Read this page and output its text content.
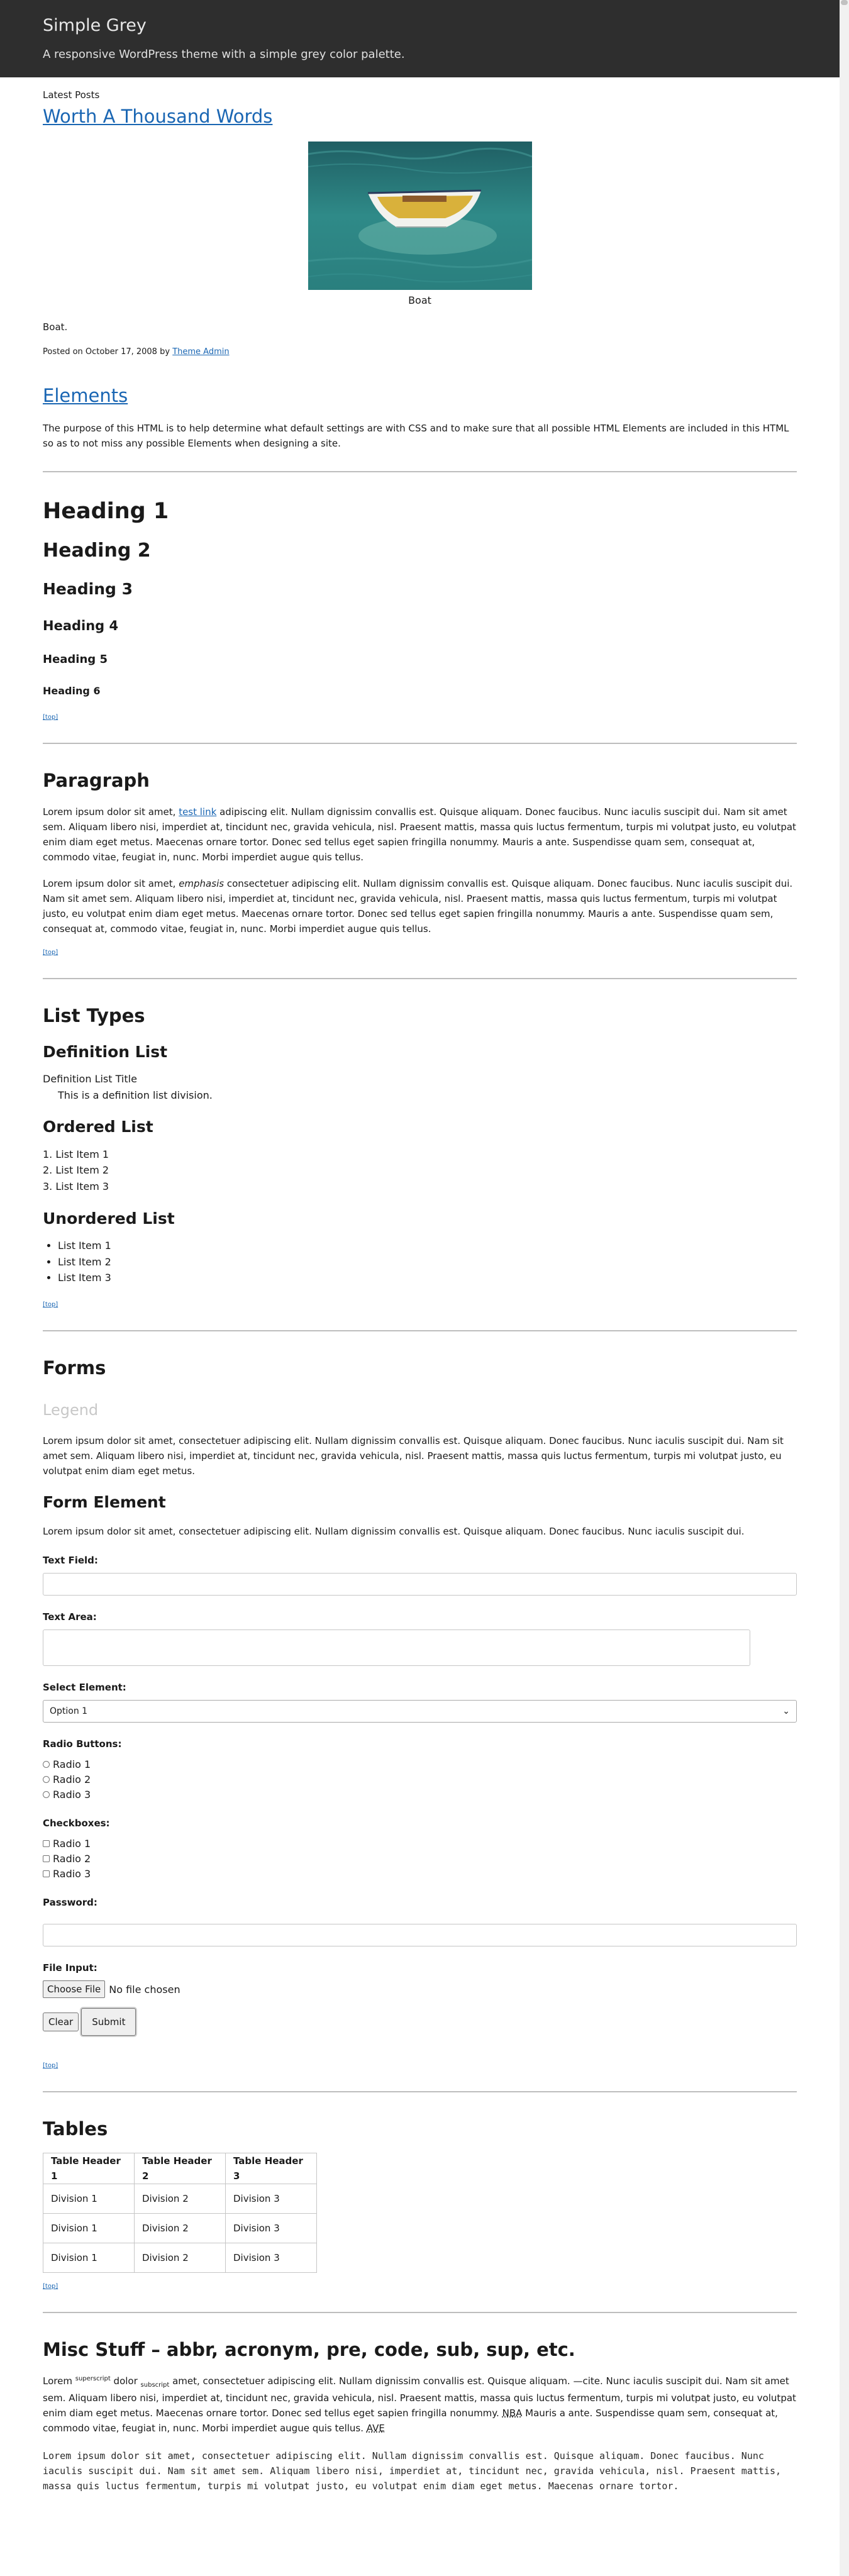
Simple Grey
A responsive WordPress theme with a simple grey color palette.
Latest Posts
Worth A Thousand Words
Boat
Boat.
Posted on October 17, 2008 by Theme Admin
Elements
The purpose of this HTML is to help determine what default settings are with CSS and to make sure that all possible HTML Elements are included in this HTML so as to not miss any possible Elements when designing a site.
Heading 1
Heading 2
Heading 3
Heading 4
Heading 5
Heading 6
[top]
Paragraph
Lorem ipsum dolor sit amet, test link adipiscing elit. Nullam dignissim convallis est. Quisque aliquam. Donec faucibus. Nunc iaculis suscipit dui. Nam sit amet sem. Aliquam libero nisi, imperdiet at, tincidunt nec, gravida vehicula, nisl. Praesent mattis, massa quis luctus fermentum, turpis mi volutpat justo, eu volutpat enim diam eget metus. Maecenas ornare tortor. Donec sed tellus eget sapien fringilla nonummy. Mauris a ante. Suspendisse quam sem, consequat at, commodo vitae, feugiat in, nunc. Morbi imperdiet augue quis tellus.
Lorem ipsum dolor sit amet, emphasis consectetuer adipiscing elit. Nullam dignissim convallis est. Quisque aliquam. Donec faucibus. Nunc iaculis suscipit dui. Nam sit amet sem. Aliquam libero nisi, imperdiet at, tincidunt nec, gravida vehicula, nisl. Praesent mattis, massa quis luctus fermentum, turpis mi volutpat justo, eu volutpat enim diam eget metus. Maecenas ornare tortor. Donec sed tellus eget sapien fringilla nonummy. Mauris a ante. Suspendisse quam sem, consequat at, commodo vitae, feugiat in, nunc. Morbi imperdiet augue quis tellus.
[top]
List Types
Definition List
Definition List Title
This is a definition list division.
Ordered List
1. List Item 1
2. List Item 2
3. List Item 3
Unordered List
• List Item 1
• List Item 2
• List Item 3
[top]
Forms
Legend
Lorem ipsum dolor sit amet, consectetuer adipiscing elit. Nullam dignissim convallis est. Quisque aliquam. Donec faucibus. Nunc iaculis suscipit dui. Nam sit amet sem. Aliquam libero nisi, imperdiet at, tincidunt nec, gravida vehicula, nisl. Praesent mattis, massa quis luctus fermentum, turpis mi volutpat justo, eu volutpat enim diam eget metus.
Form Element
Lorem ipsum dolor sit amet, consectetuer adipiscing elit. Nullam dignissim convallis est. Quisque aliquam. Donec faucibus. Nunc iaculis suscipit dui.
Text Field:
Text Area:
Select Element:
Option 1	⌄
Radio Buttons:
Radio 1
Radio 2
Radio 3
Checkboxes:
Radio 1
Radio 2
Radio 3
Password:
File Input:
Choose File No file chosen
Clear	Submit
[top]
Tables
Table Header 1	Table Header 2	Table Header 3
Division 1	Division 2	Division 3
Division 1	Division 2	Division 3
Division 1	Division 2	Division 3
[top]
Misc Stuff – abbr, acronym, pre, code, sub, sup, etc.
Lorem $^{superscript}$ dolor $_{subscript}$ amet, consectetuer adipiscing elit. Nullam dignissim convallis est. Quisque aliquam. —cite. Nunc iaculis suscipit dui. Nam sit amet sem. Aliquam libero nisi, imperdiet at, tincidunt nec, gravida vehicula, nisl. Praesent mattis, massa quis luctus fermentum, turpis mi volutpat justo, eu volutpat enim diam eget metus. Maecenas ornare tortor. Donec sed tellus eget sapien fringilla nonummy. NBA Mauris a ante. Suspendisse quam sem, consequat at, commodo vitae, feugiat in, nunc. Morbi imperdiet augue quis tellus. AVE
Lorem ipsum dolor sit amet, consectetuer adipiscing elit. Nullam dignissim convallis est. Quisque aliquam. Donec faucibus. Nunc iaculis suscipit dui. Nam sit amet sem. Aliquam libero nisi, imperdiet at, tincidunt nec, gravida vehicula, nisl. Praesent mattis, massa quis luctus fermentum, turpis mi volutpat justo, eu volutpat enim diam eget metus. Maecenas ornare tortor.
